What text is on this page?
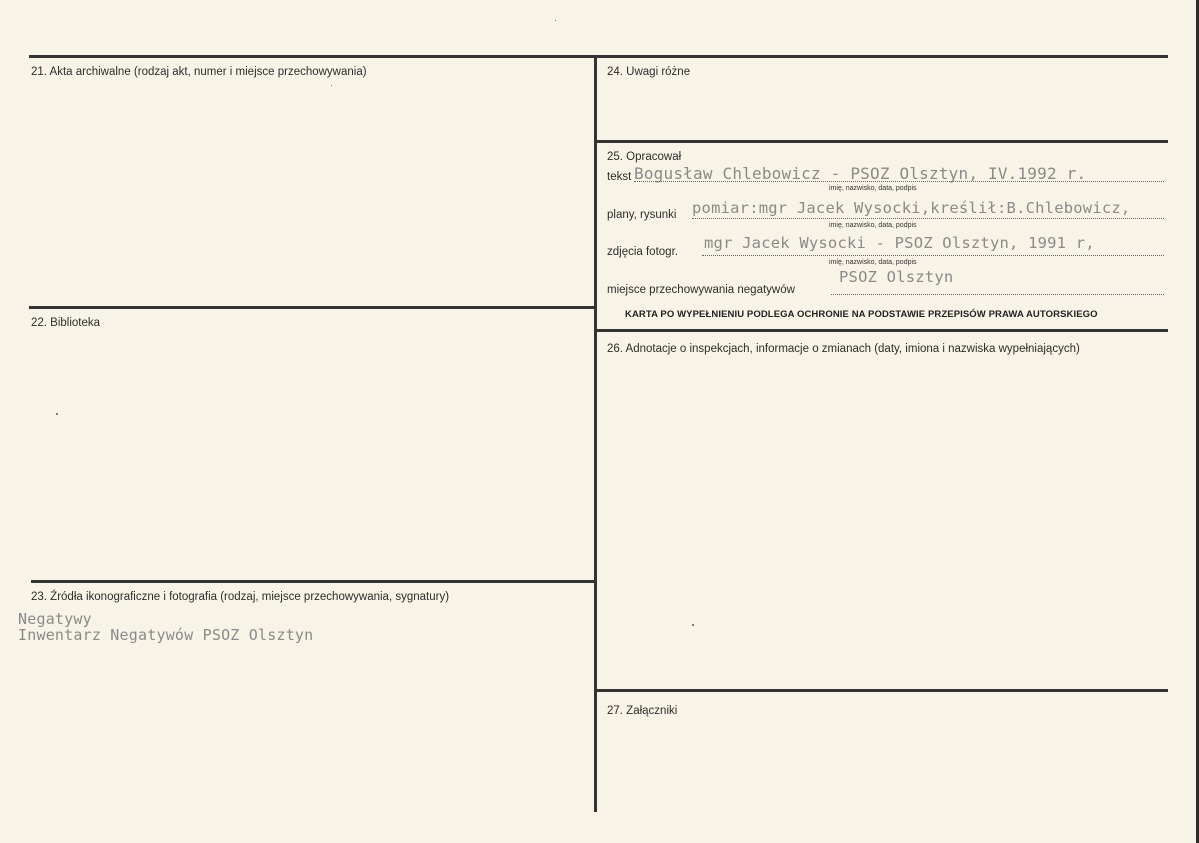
21. Akta archiwalne (rodzaj akt, numer i miejsce przechowywania)
22. Biblioteka
23. Źródła ikonograficzne i fotografia (rodzaj, miejsce przechowywania, sygnatury)
Negatywy
Inwentarz Negatywów PSOZ Olsztyn
24. Uwagi różne
25. Opracował
tekst Bogusław Chlebowicz - PSOZ Olsztyn, IV.1992 r.
imię, nazwisko, data, podpis
plany, rysunki pomiar:mgr Jacek Wysocki,kreślił:B.Chlebowicz,
imię, nazwisko, data, podpis
zdjęcia fotogr. mgr Jacek Wysocki - PSOZ Olsztyn, 1991 r,
imię, nazwisko, data, podpis
miejsce przechowywania negatywów
PSOZ Olsztyn
KARTA PO WYPEŁNIENIU PODLEGA OCHRONIE NA PODSTAWIE PRZEPISÓW PRAWA AUTORSKIEGO
26. Adnotacje o inspekcjach, informacje o zmianach (daty, imiona i nazwiska wypełniających)
27. Załączniki
